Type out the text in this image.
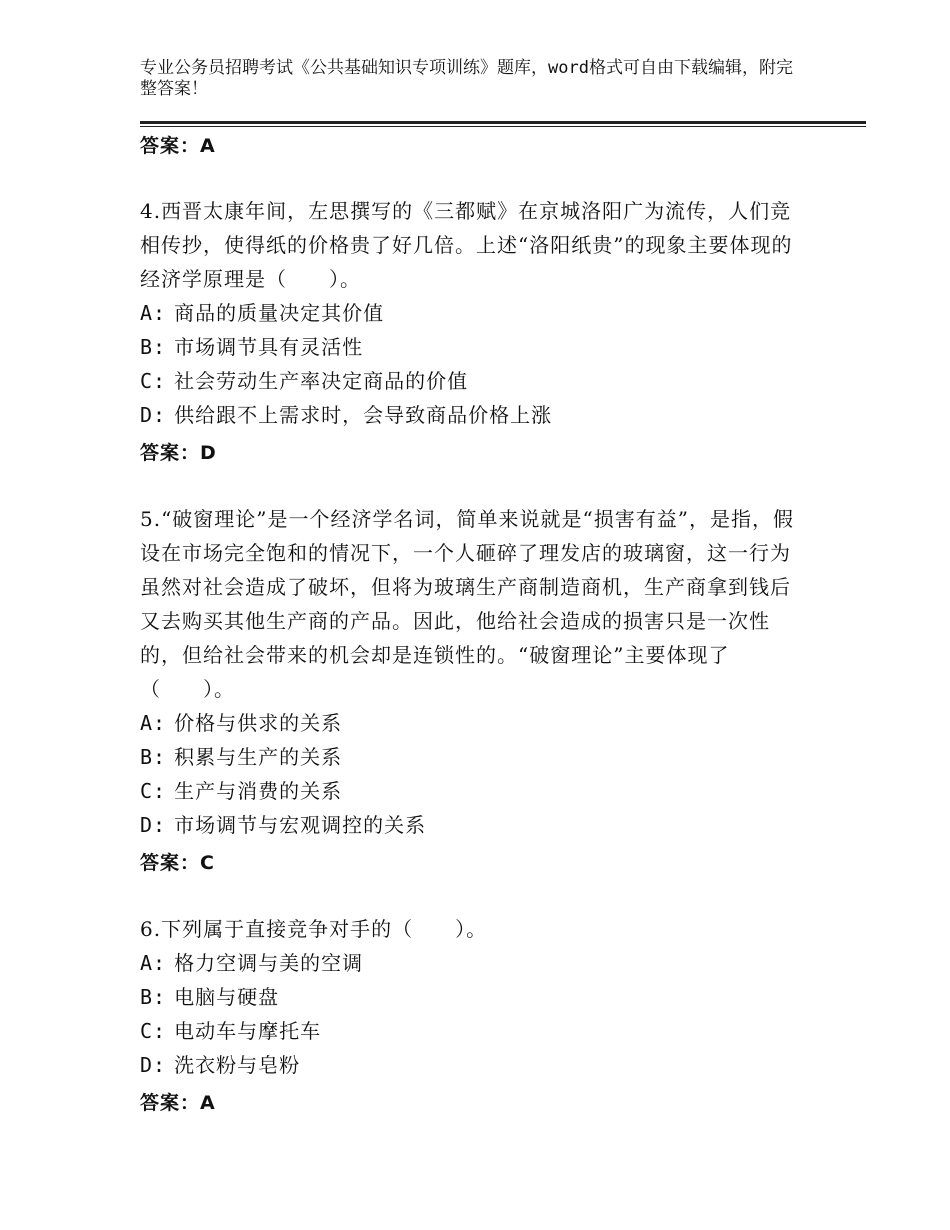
专业公务员招聘考试《公共基础知识专项训练》题库，word格式可自由下载编辑，附完整答案！
答案：A

4.西晋太康年间，左思撰写的《三都赋》在京城洛阳广为流传，人们竞相传抄，使得纸的价格贵了好几倍。上述“洛阳纸贵”的现象主要体现的经济学原理是（　　）。

A: 商品的质量决定其价值

B: 市场调节具有灵活性

C: 社会劳动生产率决定商品的价值

D: 供给跟不上需求时，会导致商品价格上涨

答案：D

5.“破窗理论”是一个经济学名词，简单来说就是“损害有益”，是指，假设在市场完全饱和的情况下，一个人砸碎了理发店的玻璃窗，这一行为虽然对社会造成了破坏，但将为玻璃生产商制造商机，生产商拿到钱后又去购买其他生产商的产品。因此，他给社会造成的损害只是一次性的，但给社会带来的机会却是连锁性的。“破窗理论”主要体现了（　　）。

A: 价格与供求的关系

B: 积累与生产的关系

C: 生产与消费的关系

D: 市场调节与宏观调控的关系

答案：C

6.下列属于直接竞争对手的（　　）。

A: 格力空调与美的空调

B: 电脑与硬盘

C: 电动车与摩托车

D: 洗衣粉与皂粉

答案：A
